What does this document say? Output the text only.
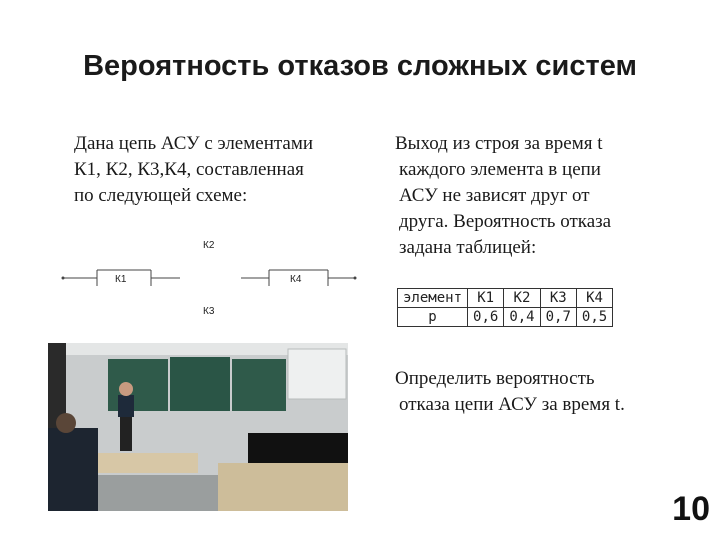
Вероятность отказов сложных систем
Дана цепь АСУ с элементами
К1, К2, К3,К4, составленная
по следующей схеме:
К2
К1	К4
К3
Выход из строя за время t
каждого элемента в цепи
АСУ не зависят друг от
друга. Вероятность отказа
задана таблицей:
элемент	К1	К2	К3	К4
p	0,6	0,4	0,7	0,5
Определить вероятность
отказа цепи АСУ за время t.
10
